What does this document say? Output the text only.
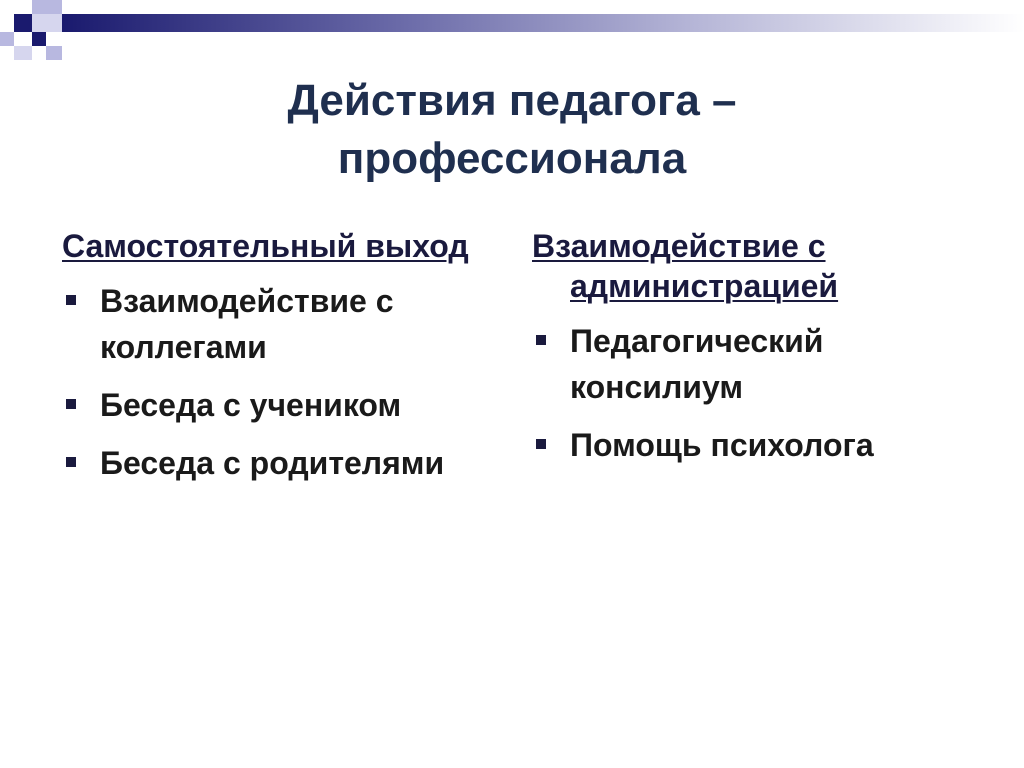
Действия педагога –
профессионала
Самостоятельный выход
Взаимодействие с коллегами
Беседа с учеником
Беседа с родителями
Взаимодействие с администрацией
Педагогический консилиум
Помощь психолога
